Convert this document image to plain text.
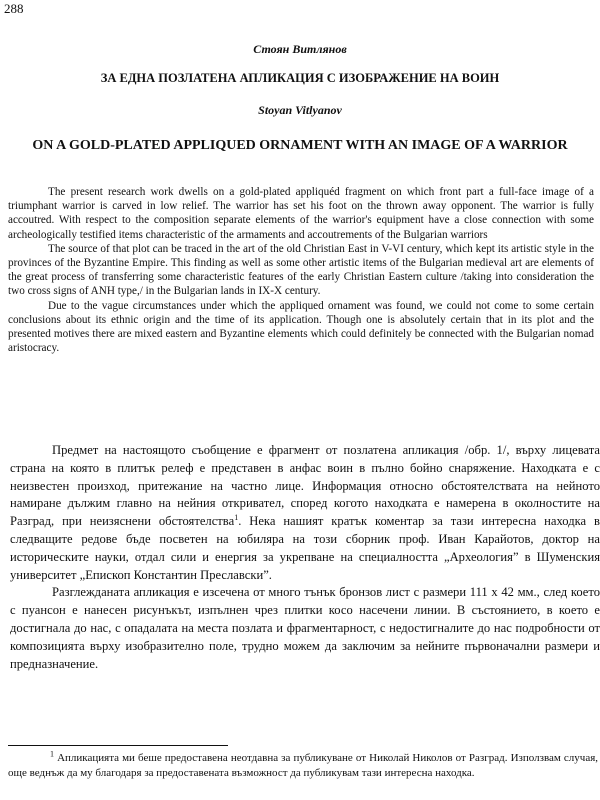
288
Стоян Витлянов
ЗА ЕДНА ПОЗЛАТЕНА АПЛИКАЦИЯ С ИЗОБРАЖЕНИЕ НА ВОИН
Stoyan Vitlyanov
ON A GOLD-PLATED APPLIQUED ORNAMENT WITH AN IMAGE OF A WARRIOR

The present research work dwells on a gold-plated appliquéd fragment on which front part a full-face image of a triumphant warrior is carved in low relief. The warrior has set his foot on the thrown away opponent. The warrior is fully accoutred. With respect to the composition separate elements of the warrior's equipment have a close connection with some archeologically testified items characteristic of the armaments and accoutrements of the Bulgarian warriors

The source of that plot can be traced in the art of the old Christian East in V-VI century, which kept its artistic style in the provinces of the Byzantine Empire. This finding as well as some other artistic items of the Bulgarian medieval art are elements of the great process of transferring some characteristic features of the early Christian Eastern culture /taking into consideration the two cross signs of ANH type,/ in the Bulgarian lands in IX-X century.

Due to the vague circumstances under which the appliqued ornament was found, we could not come to some certain conclusions about its ethnic origin and the time of its application. Though one is absolutely certain that in its plot and the presented motives there are mixed eastern and Byzantine elements which could definitely be connected with the Bulgarian nomad aristocracy.

Предмет на настоящото съобщение е фрагмент от позлатена апликация /обр. 1/, върху лицевата страна на която в плитък релеф е представен в анфас воин в пълно бойно снаряжение. Находката е с неизвестен произход, притежание на частно лице. Информация относно обстоятелствата на нейното намиране дължим главно на нейния откривател, според когото находката е намерена в околностите на Разград, при неизяснени обстоятелства$^1$. Нека нашият кратък коментар за тази интересна находка в следващите редове бъде посветен на юбиляра на този сборник проф. Иван Карайотов, доктор на историческите науки, отдал сили и енергия за укрепване на специалността „Археология” в Шуменския университет „Епископ Константин Преславски”.

Разглежданата апликация е изсечена от много тънък бронзов лист с размери 111 х 42 мм., след което с пуансон е нанесен рисунъкът, изпълнен чрез плитки косо насечени линии. В състоянието, в което е достигнала до нас, с опадалата на места позлата и фрагментарност, с недостигналите до нас подробности от композицията върху изобразително поле, трудно можем да заключим за нейните първоначални размери и предназначение.

$^1$ Апликацията ми беше предоставена неотдавна за публикуване от Николай Николов от Разград. Използвам случая, още веднъж да му благодаря за предоставената възможност да публикувам тази интересна находка.
